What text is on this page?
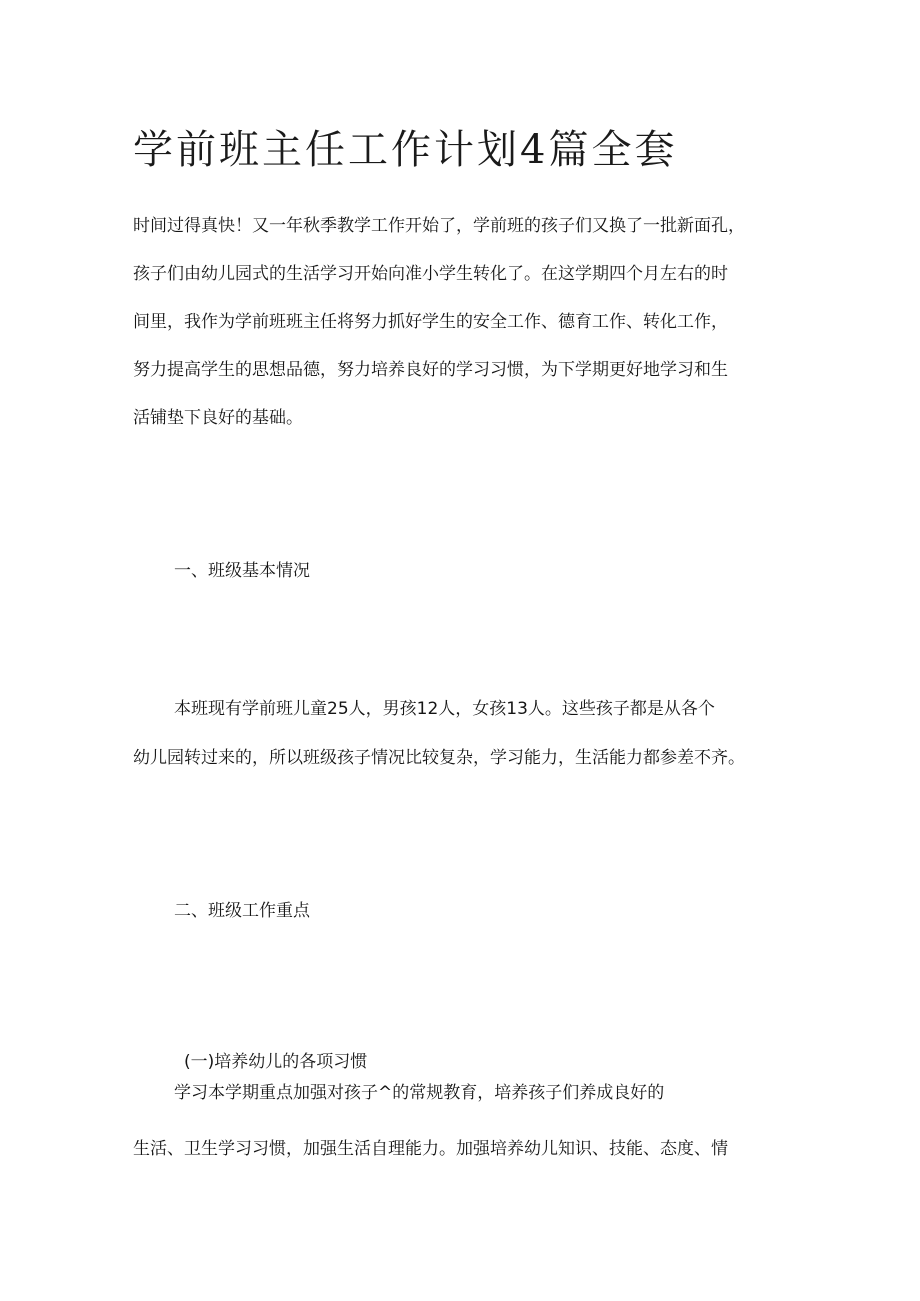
学前班主任工作计划4篇全套
时间过得真快！又一年秋季教学工作开始了，学前班的孩子们又换了一批新面孔，
孩子们由幼儿园式的生活学习开始向准小学生转化了。在这学期四个月左右的时
间里，我作为学前班班主任将努力抓好学生的安全工作、德育工作、转化工作，
努力提高学生的思想品德，努力培养良好的学习习惯，为下学期更好地学习和生
活铺垫下良好的基础。
一、班级基本情况
本班现有学前班儿童25人，男孩12人，女孩13人。这些孩子都是从各个
幼儿园转过来的，所以班级孩子情况比较复杂，学习能力，生活能力都参差不齐。
二、班级工作重点
(一)培养幼儿的各项习惯
学习本学期重点加强对孩子^的常规教育，培养孩子们养成良好的
生活、卫生学习习惯，加强生活自理能力。加强培养幼儿知识、技能、态度、情
